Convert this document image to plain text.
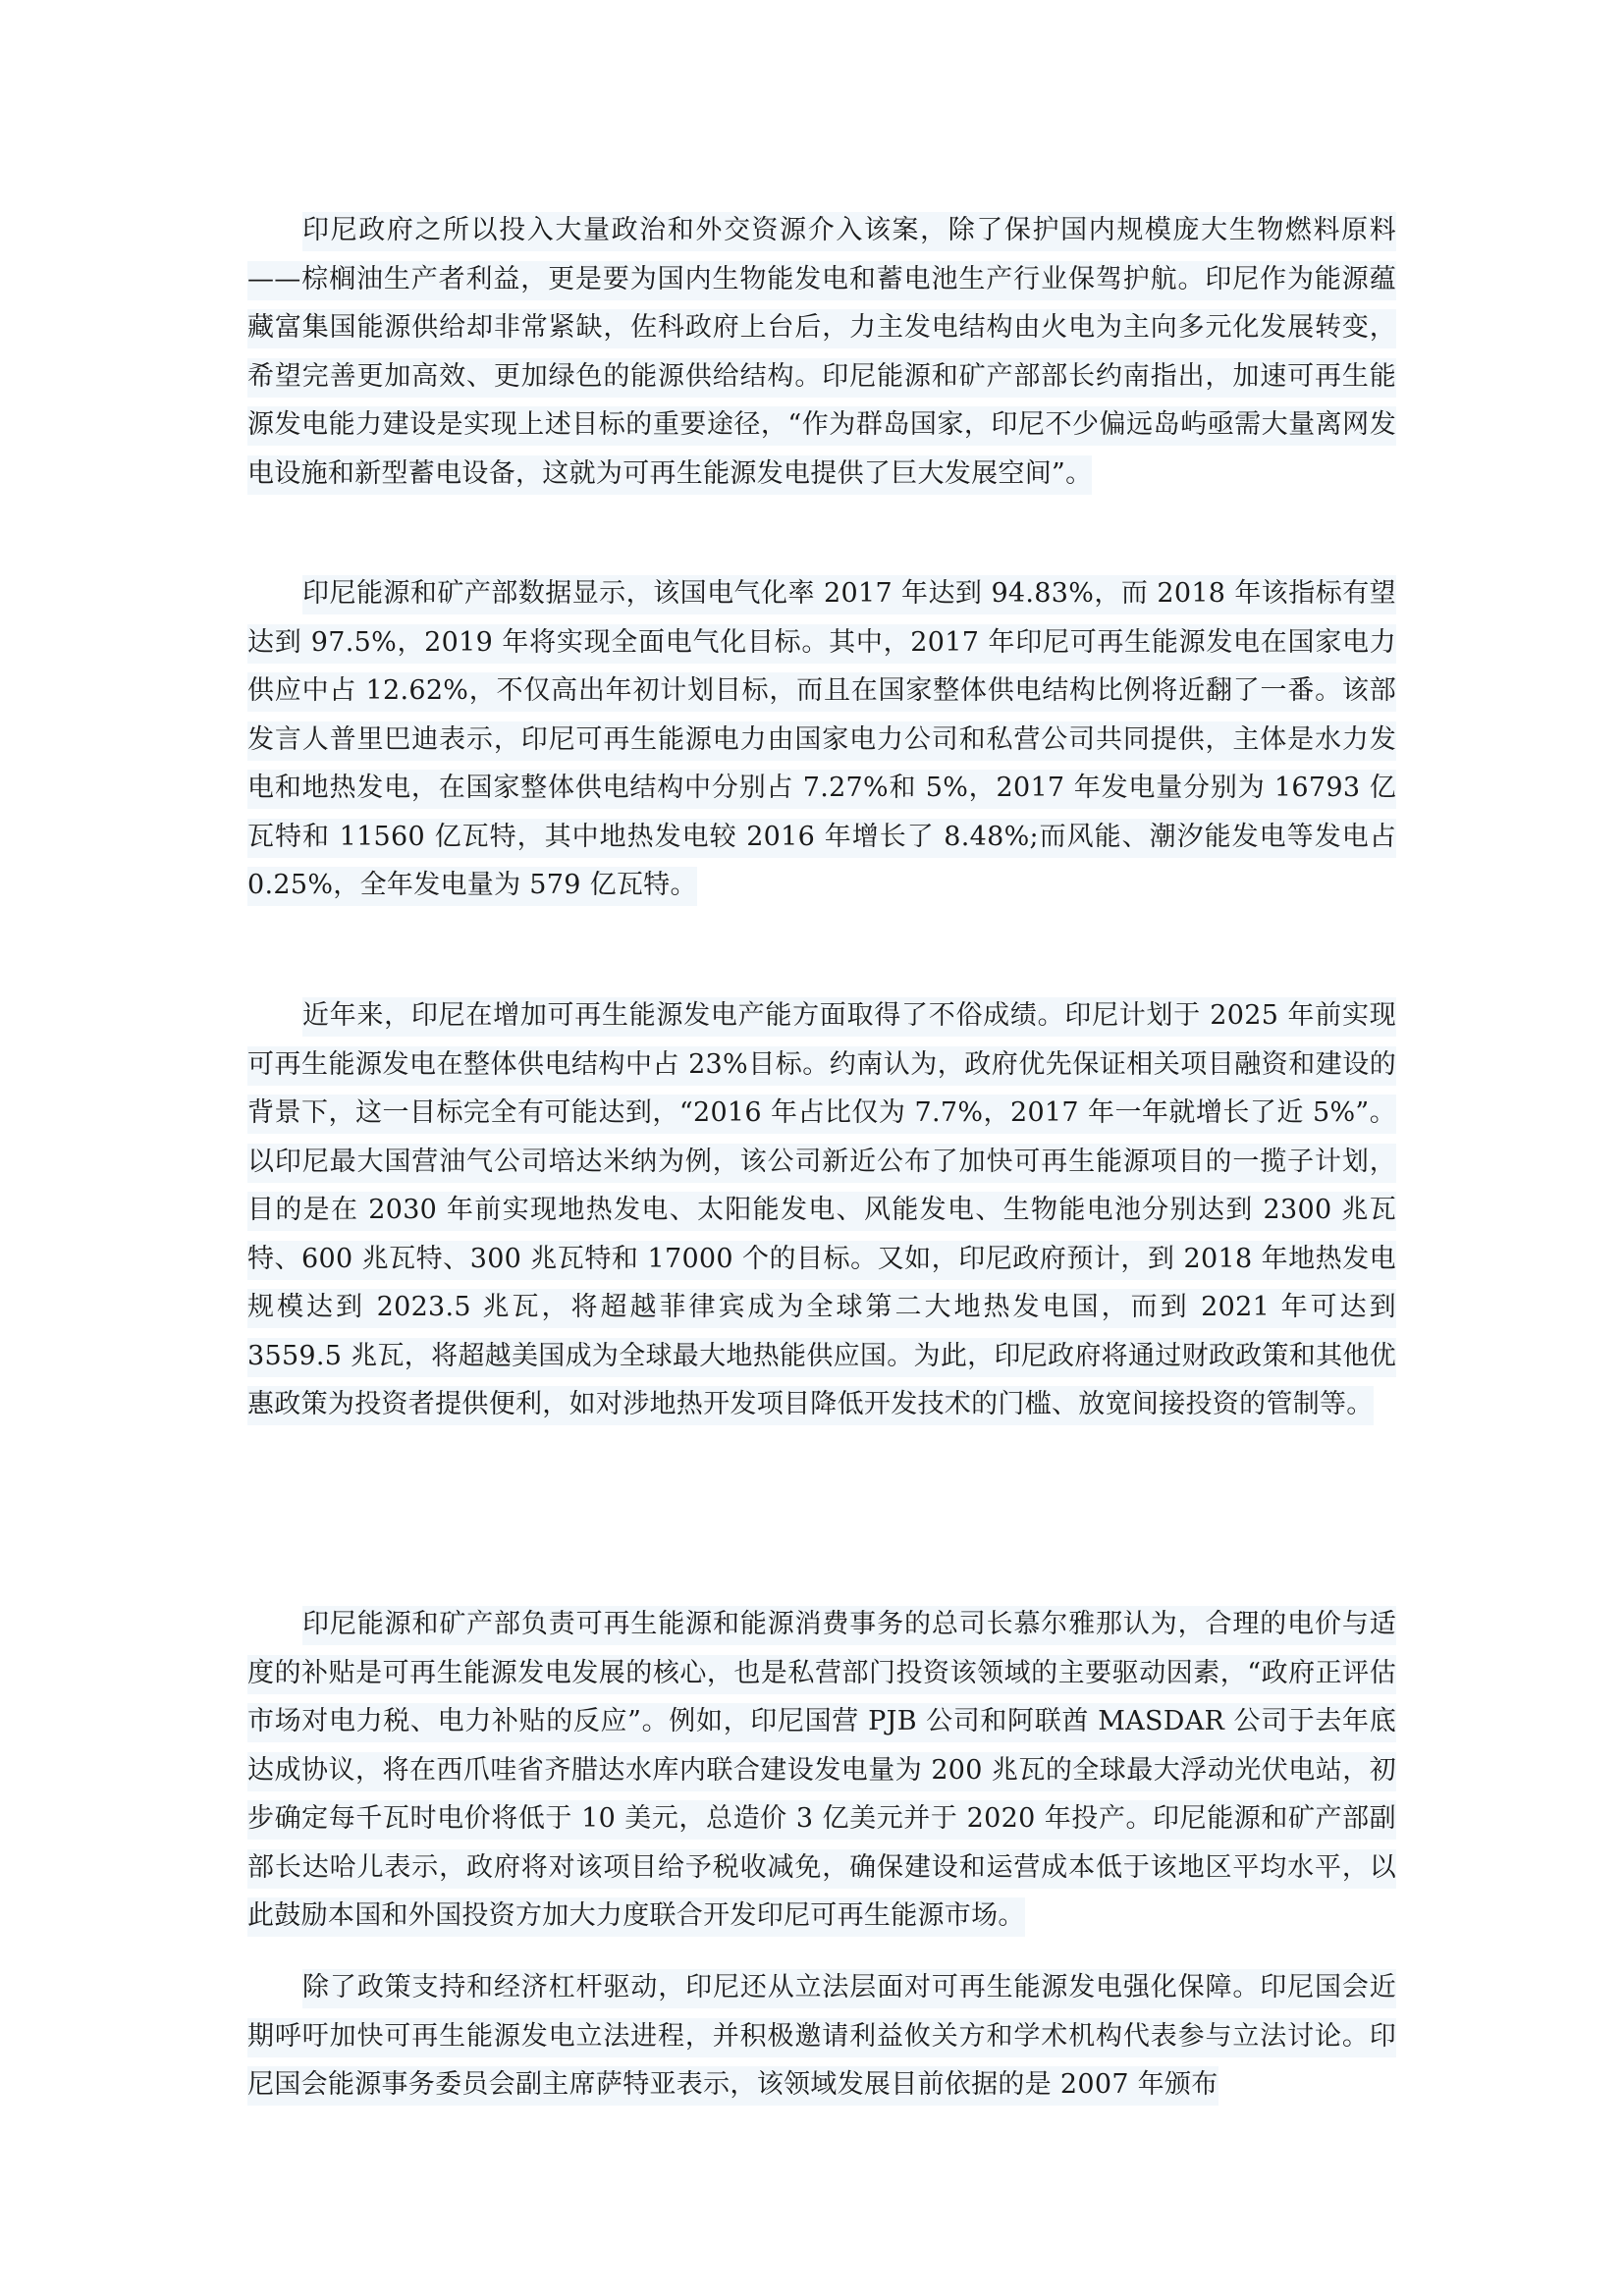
印尼政府之所以投入大量政治和外交资源介入该案，除了保护国内规模庞大生物燃料原料——棕榈油生产者利益，更是要为国内生物能发电和蓄电池生产行业保驾护航。印尼作为能源蕴藏富集国能源供给却非常紧缺，佐科政府上台后，力主发电结构由火电为主向多元化发展转变，希望完善更加高效、更加绿色的能源供给结构。印尼能源和矿产部部长约南指出，加速可再生能源发电能力建设是实现上述目标的重要途径，“作为群岛国家，印尼不少偏远岛屿亟需大量离网发电设施和新型蓄电设备，这就为可再生能源发电提供了巨大发展空间”。

印尼能源和矿产部数据显示，该国电气化率 2017 年达到 94.83%，而 2018 年该指标有望达到 97.5%，2019 年将实现全面电气化目标。其中，2017 年印尼可再生能源发电在国家电力供应中占 12.62%，不仅高出年初计划目标，而且在国家整体供电结构比例将近翻了一番。该部发言人普里巴迪表示，印尼可再生能源电力由国家电力公司和私营公司共同提供，主体是水力发电和地热发电，在国家整体供电结构中分别占 7.27%和 5%，2017 年发电量分别为 16793 亿瓦特和 11560 亿瓦特，其中地热发电较 2016 年增长了 8.48%;而风能、潮汐能发电等发电占 0.25%，全年发电量为 579 亿瓦特。

近年来，印尼在增加可再生能源发电产能方面取得了不俗成绩。印尼计划于 2025 年前实现可再生能源发电在整体供电结构中占 23%目标。约南认为，政府优先保证相关项目融资和建设的背景下，这一目标完全有可能达到，“2016 年占比仅为 7.7%，2017 年一年就增长了近 5%”。以印尼最大国营油气公司培达米纳为例，该公司新近公布了加快可再生能源项目的一揽子计划，目的是在 2030 年前实现地热发电、太阳能发电、风能发电、生物能电池分别达到 2300 兆瓦特、600 兆瓦特、300 兆瓦特和 17000 个的目标。又如，印尼政府预计，到 2018 年地热发电规模达到 2023.5 兆瓦，将超越菲律宾成为全球第二大地热发电国，而到 2021 年可达到 3559.5 兆瓦，将超越美国成为全球最大地热能供应国。为此，印尼政府将通过财政政策和其他优惠政策为投资者提供便利，如对涉地热开发项目降低开发技术的门槛、放宽间接投资的管制等。

印尼能源和矿产部负责可再生能源和能源消费事务的总司长慕尔雅那认为，合理的电价与适度的补贴是可再生能源发电发展的核心，也是私营部门投资该领域的主要驱动因素，“政府正评估市场对电力税、电力补贴的反应”。例如，印尼国营 PJB 公司和阿联酋 MASDAR 公司于去年底达成协议，将在西爪哇省齐腊达水库内联合建设发电量为 200 兆瓦的全球最大浮动光伏电站，初步确定每千瓦时电价将低于 10 美元，总造价 3 亿美元并于 2020 年投产。印尼能源和矿产部副部长达哈儿表示，政府将对该项目给予税收减免，确保建设和运营成本低于该地区平均水平，以此鼓励本国和外国投资方加大力度联合开发印尼可再生能源市场。

除了政策支持和经济杠杆驱动，印尼还从立法层面对可再生能源发电强化保障。印尼国会近期呼吁加快可再生能源发电立法进程，并积极邀请利益攸关方和学术机构代表参与立法讨论。印尼国会能源事务委员会副主席萨特亚表示，该领域发展目前依据的是 2007 年颁布
